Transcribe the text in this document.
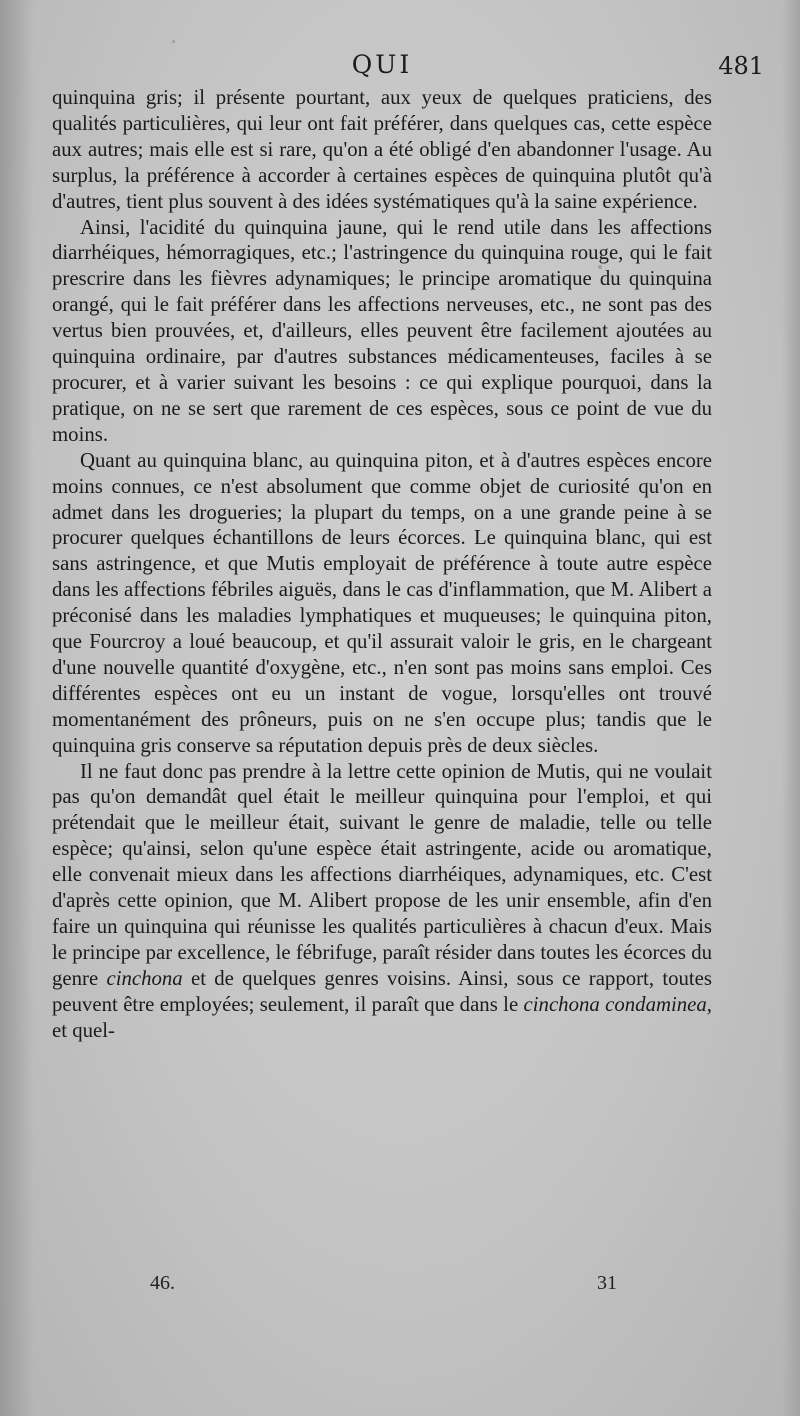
QUI	481

quinquina gris; il présente pourtant, aux yeux de quelques praticiens, des qualités particulières, qui leur ont fait préférer, dans quelques cas, cette espèce aux autres; mais elle est si rare, qu'on a été obligé d'en abandonner l'usage. Au surplus, la préférence à accorder à certaines espèces de quinquina plutôt qu'à d'autres, tient plus souvent à des idées systématiques qu'à la saine expérience.

Ainsi, l'acidité du quinquina jaune, qui le rend utile dans les affections diarrhéiques, hémorragiques, etc.; l'astringence du quinquina rouge, qui le fait prescrire dans les fièvres adynamiques; le principe aromatique du quinquina orangé, qui le fait préférer dans les affections nerveuses, etc., ne sont pas des vertus bien prouvées, et, d'ailleurs, elles peuvent être facilement ajoutées au quinquina ordinaire, par d'autres substances médicamenteuses, faciles à se procurer, et à varier suivant les besoins : ce qui explique pourquoi, dans la pratique, on ne se sert que rarement de ces espèces, sous ce point de vue du moins.

Quant au quinquina blanc, au quinquina piton, et à d'autres espèces encore moins connues, ce n'est absolument que comme objet de curiosité qu'on en admet dans les drogueries; la plupart du temps, on a une grande peine à se procurer quelques échantillons de leurs écorces. Le quinquina blanc, qui est sans astringence, et que Mutis employait de préférence à toute autre espèce dans les affections fébriles aiguës, dans le cas d'inflammation, que M. Alibert a préconisé dans les maladies lymphatiques et muqueuses; le quinquina piton, que Fourcroy a loué beaucoup, et qu'il assurait valoir le gris, en le chargeant d'une nouvelle quantité d'oxygène, etc., n'en sont pas moins sans emploi. Ces différentes espèces ont eu un instant de vogue, lorsqu'elles ont trouvé momentanément des prôneurs, puis on ne s'en occupe plus; tandis que le quinquina gris conserve sa réputation depuis près de deux siècles.

Il ne faut donc pas prendre à la lettre cette opinion de Mutis, qui ne voulait pas qu'on demandât quel était le meilleur quinquina pour l'emploi, et qui prétendait que le meilleur était, suivant le genre de maladie, telle ou telle espèce; qu'ainsi, selon qu'une espèce était astringente, acide ou aromatique, elle convenait mieux dans les affections diarrhéiques, adynamiques, etc. C'est d'après cette opinion, que M. Alibert propose de les unir ensemble, afin d'en faire un quinquina qui réunisse les qualités particulières à chacun d'eux. Mais le principe par excellence, le fébrifuge, paraît résider dans toutes les écorces du genre cinchona et de quelques genres voisins. Ainsi, sous ce rapport, toutes peuvent être employées; seulement, il paraît que dans le cinchona condaminea, et quel-

46.	31
